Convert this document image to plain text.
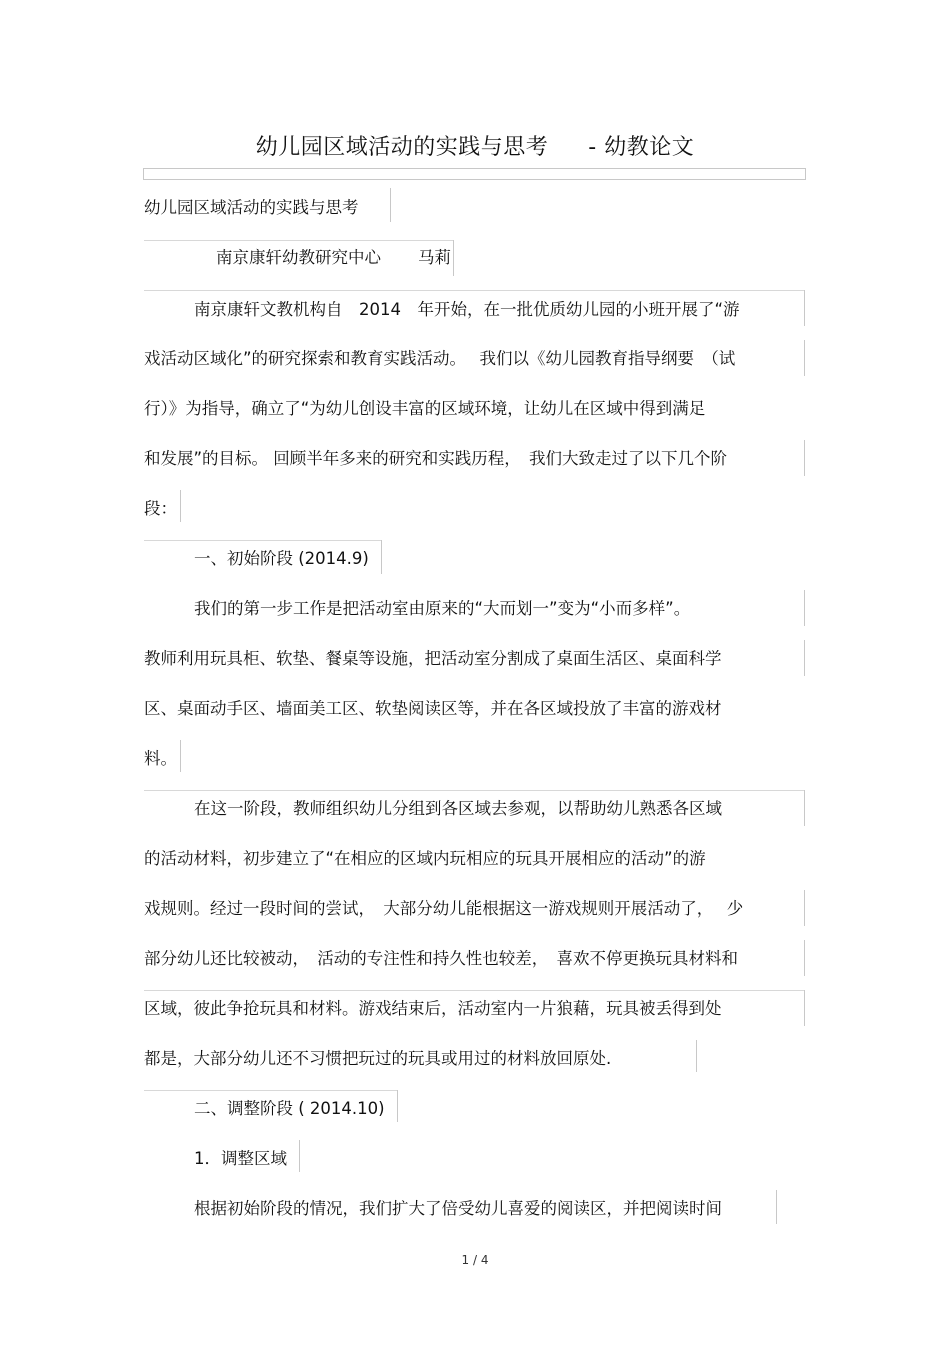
幼儿园区域活动的实践与思考 - 幼教论文
幼儿园区域活动的实践与思考
南京康轩幼教研究中心 马莉
南京康轩文教机构自　2014　年开始，在一批优质幼儿园的小班开展了“游
戏活动区域化”的研究探索和教育实践活动。　 我们以《幼儿园教育指导纲要　（试
行）》为指导，确立了“为幼儿创设丰富的区域环境，让幼儿在区域中得到满足
和发展”的目标。 回顾半年多来的研究和实践历程，　我们大致走过了以下几个阶
段：
一、初始阶段 (2014.9)
我们的第一步工作是把活动室由原来的“大而划一”变为“小而多样”。
教师利用玩具柜、软垫、餐桌等设施，把活动室分割成了桌面生活区、桌面科学
区、桌面动手区、墙面美工区、软垫阅读区等，并在各区域投放了丰富的游戏材
料。
在这一阶段，教师组织幼儿分组到各区域去参观，以帮助幼儿熟悉各区域
的活动材料，初步建立了“在相应的区域内玩相应的玩具开展相应的活动”的游
戏规则。经过一段时间的尝试，　大部分幼儿能根据这一游戏规则开展活动了，　 少
部分幼儿还比较被动，　活动的专注性和持久性也较差，　喜欢不停更换玩具材料和
区域，彼此争抢玩具和材料。游戏结束后，活动室内一片狼藉，玩具被丢得到处
都是，大部分幼儿还不习惯把玩过的玩具或用过的材料放回原处.
二、调整阶段 ( 2014.10)
1．调整区域
根据初始阶段的情况，我们扩大了倍受幼儿喜爱的阅读区，并把阅读时间
1 / 4
